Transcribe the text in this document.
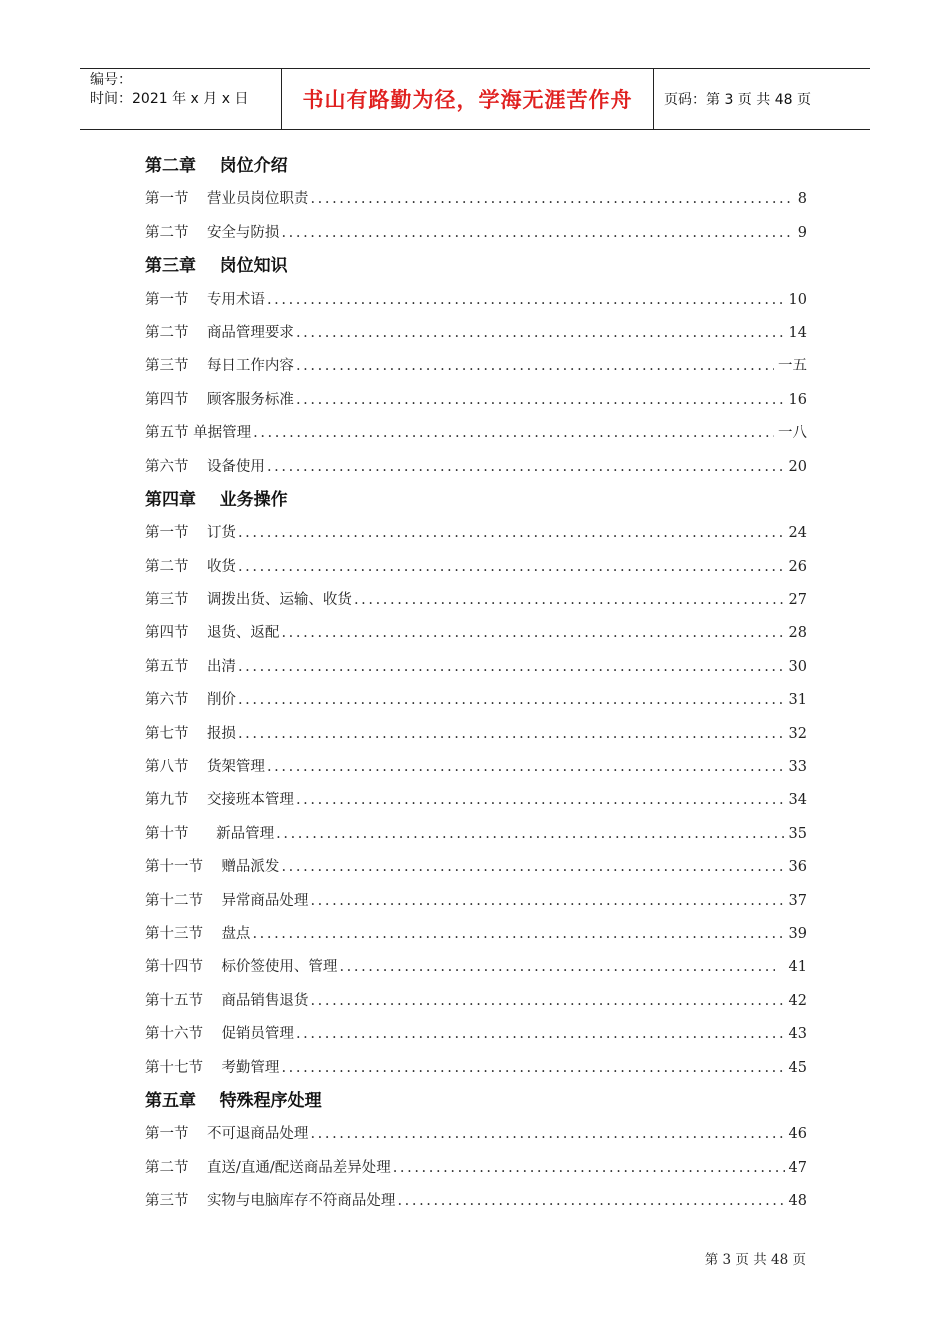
编号：
时间：2021 年 x 月 x 日	书山有路勤为径，学海无涯苦作舟 页码：第 3 页 共 48 页
第二章    岗位介绍
第一节 营业员岗位职责 .....	8
第二节 安全与防损 .....	9
第三章    岗位知识
第一节 专用术语 .....	10
第二节 商品管理要求 .....	14
第三节 每日工作内容 .....	一五
第四节 顾客服务标准 .....	16
第五节 单据管理 .....	一八
第六节 设备使用 .....	20
第四章    业务操作
第一节 订货 .....	24
第二节 收货 .....	26
第三节 调拨出货、运输、收货 .....	27
第四节 退货、返配 .....	28
第五节 出清 .....	30
第六节 削价 .....	31
第七节 报损 .....	32
第八节 货架管理 .....	33
第九节 交接班本管理 .....	34
第十节 新品管理 .....	35
第十一节 赠品派发 .....	36
第十二节 异常商品处理 .....	37
第十三节 盘点 .....	39
第十四节 标价签使用、管理 .....	41
第十五节 商品销售退货 .....	42
第十六节 促销员管理 .....	43
第十七节 考勤管理 .....	45
第五章    特殊程序处理
第一节 不可退商品处理 .....	46
第二节 直送/直通/配送商品差异处理 .....	47
第三节 实物与电脑库存不符商品处理 .....	48
第 3 页 共 48 页
